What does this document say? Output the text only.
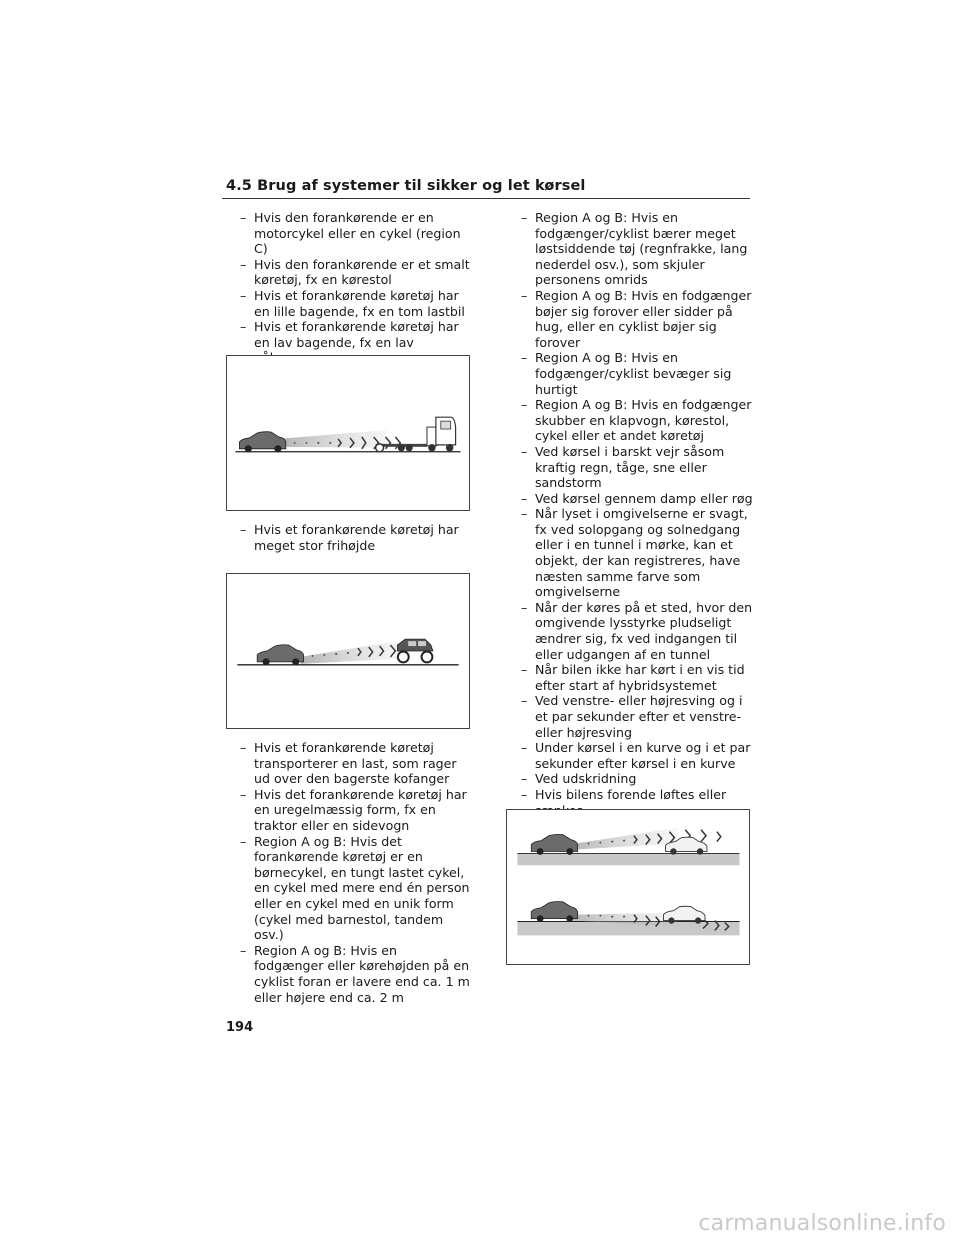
4.5 Brug af systemer til sikker og let kørsel
– Hvis den forankørende er en motorcykel eller en cykel (region C)
– Hvis den forankørende er et smalt køretøj, fx en kørestol
– Hvis et forankørende køretøj har en lille bagende, fx en tom lastbil
– Hvis et forankørende køretøj har en lav bagende, fx en lav
– Hvis et forankørende køretøj har meget stor frihøjde
– Hvis et forankørende køretøj transporterer en last, som rager ud over den bagerste kofanger
– Hvis det forankørende køretøj har en uregelmæssig form, fx en traktor eller en sidevogn
– Region A og B: Hvis det forankørende køretøj er en børnecykel, en tungt lastet cykel, en cykel med mere end én person eller en cykel med en unik form (cykel med barnestol, tandem osv.)
– Region A og B: Hvis en fodgænger eller kørehøjden på en cyklist foran er lavere end ca. 1 m eller højere end ca. 2 m
– Region A og B: Hvis en fodgænger/cyklist bærer meget løstsiddende tøj (regnfrakke, lang nederdel osv.), som skjuler personens omrids
– Region A og B: Hvis en fodgænger bøjer sig forover eller sidder på hug, eller en cyklist bøjer sig forover
– Region A og B: Hvis en fodgænger/cyklist bevæger sig hurtigt
– Region A og B: Hvis en fodgænger skubber en klapvogn, kørestol, cykel eller et andet køretøj
– Ved kørsel i barskt vejr såsom kraftig regn, tåge, sne eller sandstorm
– Ved kørsel gennem damp eller røg
– Når lyset i omgivelserne er svagt, fx ved solopgang og solnedgang eller i en tunnel i mørke, kan et objekt, der kan registreres, have næsten samme farve som omgivelserne
– Når der køres på et sted, hvor den omgivende lysstyrke pludseligt ændrer sig, fx ved indgangen til eller udgangen af en tunnel
– Når bilen ikke har kørt i en vis tid efter start af hybridsystemet
– Ved venstre- eller højresving og i et par sekunder efter et venstre- eller højresving
– Under kørsel i en kurve og i et par sekunder efter kørsel i en kurve
– Ved udskridning
– Hvis bilens forende løftes eller
194
carmanualsonline.info
